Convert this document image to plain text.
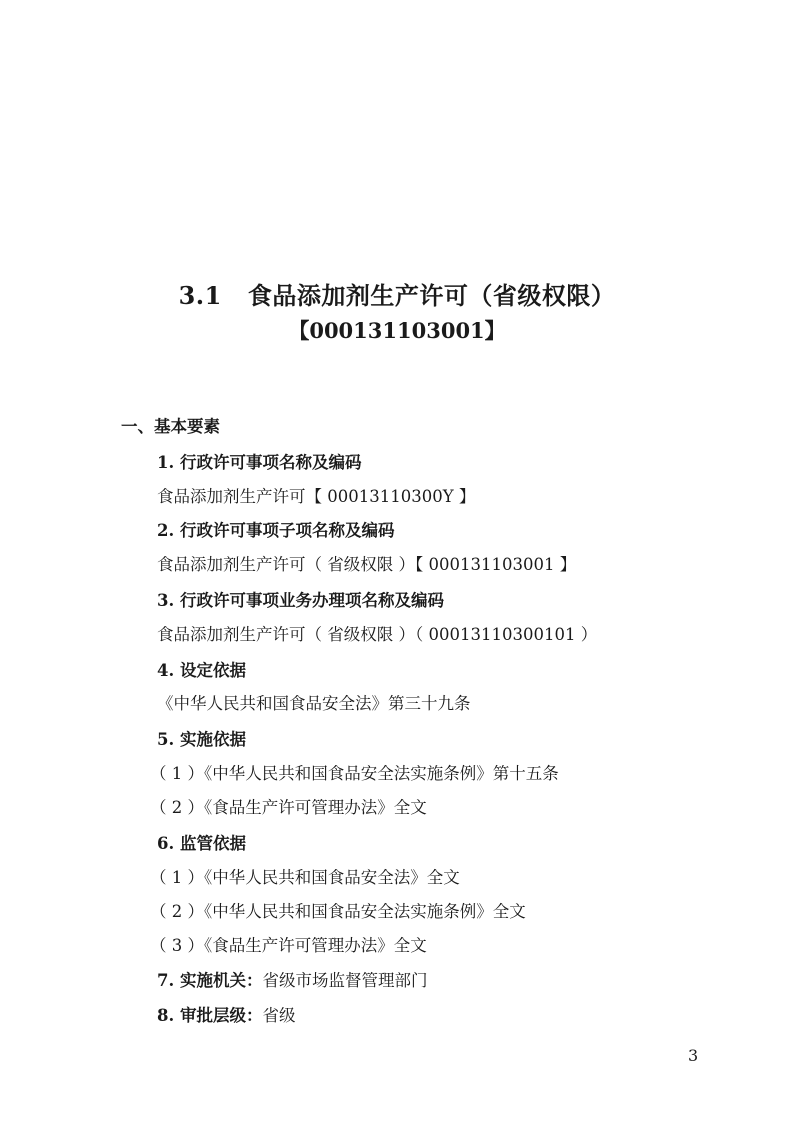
3.1 食品添加剂生产许可（省级权限）
【000131103001】
一、基本要素
1. 行政许可事项名称及编码
食品添加剂生产许可【 00013110300Y 】
2. 行政许可事项子项名称及编码
食品添加剂生产许可（ 省级权限 ）【 000131103001 】
3. 行政许可事项业务办理项名称及编码
食品添加剂生产许可（ 省级权限 ）（ 00013110300101 ）
4. 设定依据
《中华人民共和国食品安全法》第三十九条
5. 实施依据
（ 1 ）《中华人民共和国食品安全法实施条例》第十五条
（ 2 ）《食品生产许可管理办法》全文
6. 监管依据
（ 1 ）《中华人民共和国食品安全法》全文
（ 2 ）《中华人民共和国食品安全法实施条例》全文
（ 3 ）《食品生产许可管理办法》全文
7. 实施机关：省级市场监督管理部门
8. 审批层级：省级
3
